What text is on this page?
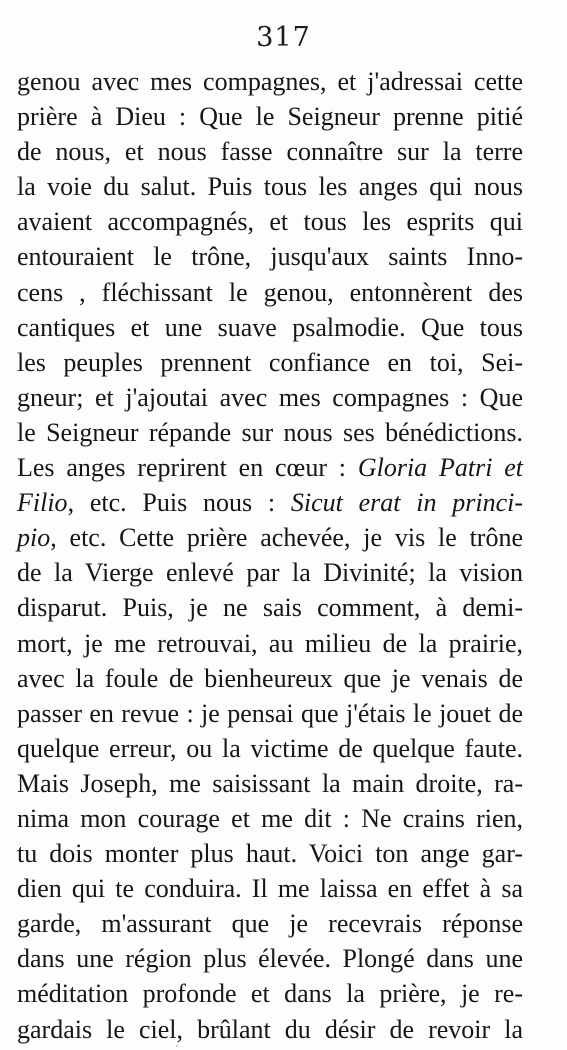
317
genou avec mes compagnes, et j'adressai cette
prière à Dieu : Que le Seigneur prenne pitié
de nous, et nous fasse connaître sur la terre
la voie du salut. Puis tous les anges qui nous
avaient accompagnés, et tous les esprits qui
entouraient le trône, jusqu'aux saints Inno-
cens , fléchissant le genou, entonnèrent des
cantiques et une suave psalmodie. Que tous
les peuples prennent confiance en toi, Sei-
gneur; et j'ajoutai avec mes compagnes : Que
le Seigneur répande sur nous ses bénédictions.
Les anges reprirent en cœur : Gloria Patri et
Filio, etc. Puis nous : Sicut erat in princi-
pio, etc. Cette prière achevée, je vis le trône
de la Vierge enlevé par la Divinité; la vision
disparut. Puis, je ne sais comment, à demi-
mort, je me retrouvai, au milieu de la prairie,
avec la foule de bienheureux que je venais de
passer en revue : je pensai que j'étais le jouet de
quelque erreur, ou la victime de quelque faute.
Mais Joseph, me saisissant la main droite, ra-
nima mon courage et me dit : Ne crains rien,
tu dois monter plus haut. Voici ton ange gar-
dien qui te conduira. Il me laissa en effet à sa
garde, m'assurant que je recevrais réponse
dans une région plus élevée. Plongé dans une
méditation profonde et dans la prière, je re-
gardais le ciel, brûlant du désir de revoir la
